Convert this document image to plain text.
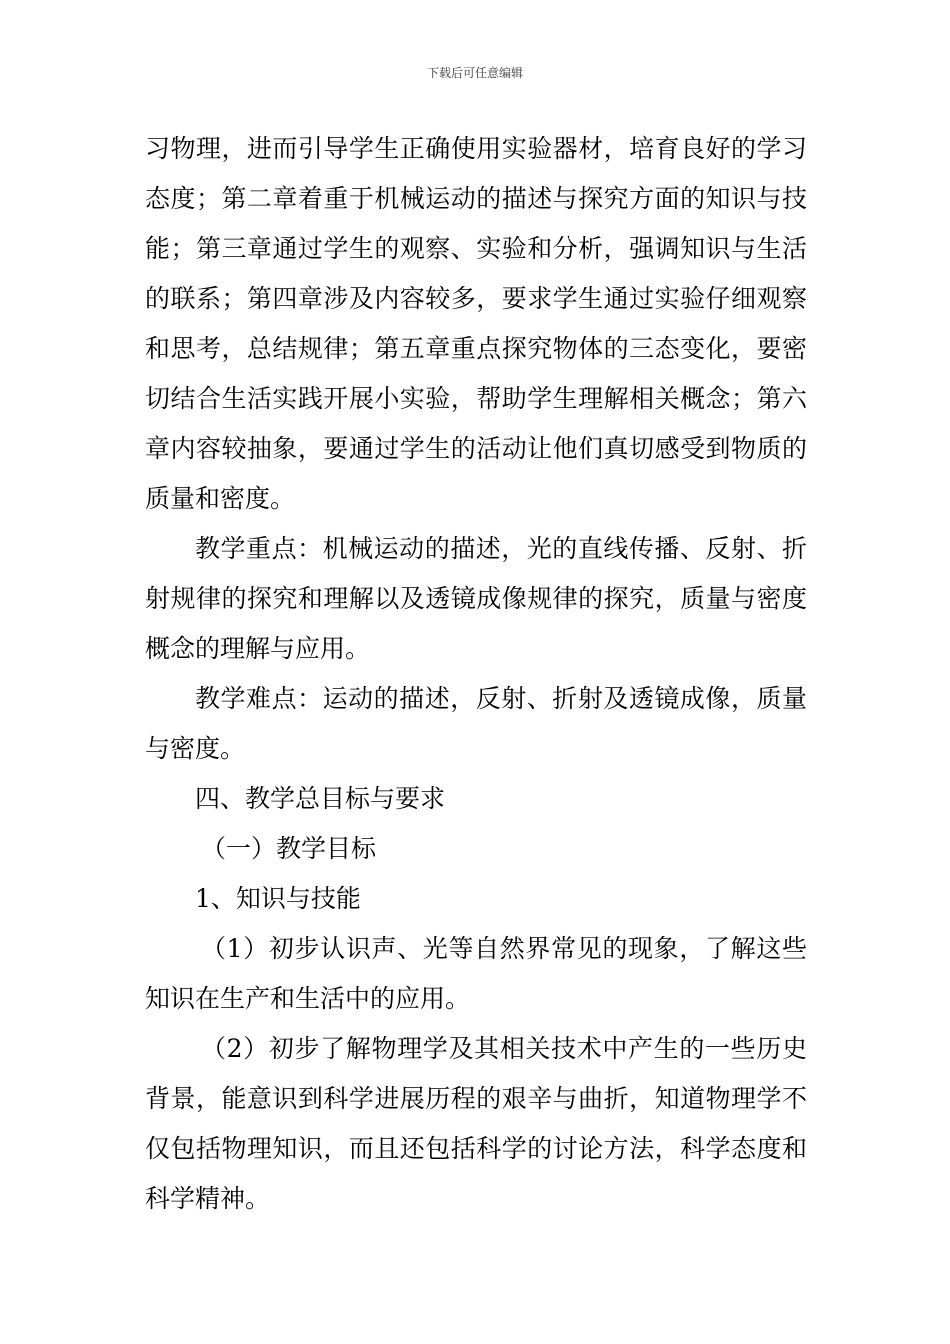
下载后可任意编辑

习物理，进而引导学生正确使用实验器材，培育良好的学习态度；第二章着重于机械运动的描述与探究方面的知识与技能；第三章通过学生的观察、实验和分析，强调知识与生活的联系；第四章涉及内容较多，要求学生通过实验仔细观察和思考，总结规律；第五章重点探究物体的三态变化，要密切结合生活实践开展小实验，帮助学生理解相关概念；第六章内容较抽象，要通过学生的活动让他们真切感受到物质的质量和密度。

教学重点：机械运动的描述，光的直线传播、反射、折射规律的探究和理解以及透镜成像规律的探究，质量与密度概念的理解与应用。

教学难点：运动的描述，反射、折射及透镜成像，质量与密度。

四、教学总目标与要求

（一）教学目标

1、知识与技能

（1）初步认识声、光等自然界常见的现象，了解这些知识在生产和生活中的应用。

（2）初步了解物理学及其相关技术中产生的一些历史背景，能意识到科学进展历程的艰辛与曲折，知道物理学不仅包括物理知识，而且还包括科学的讨论方法，科学态度和科学精神。
